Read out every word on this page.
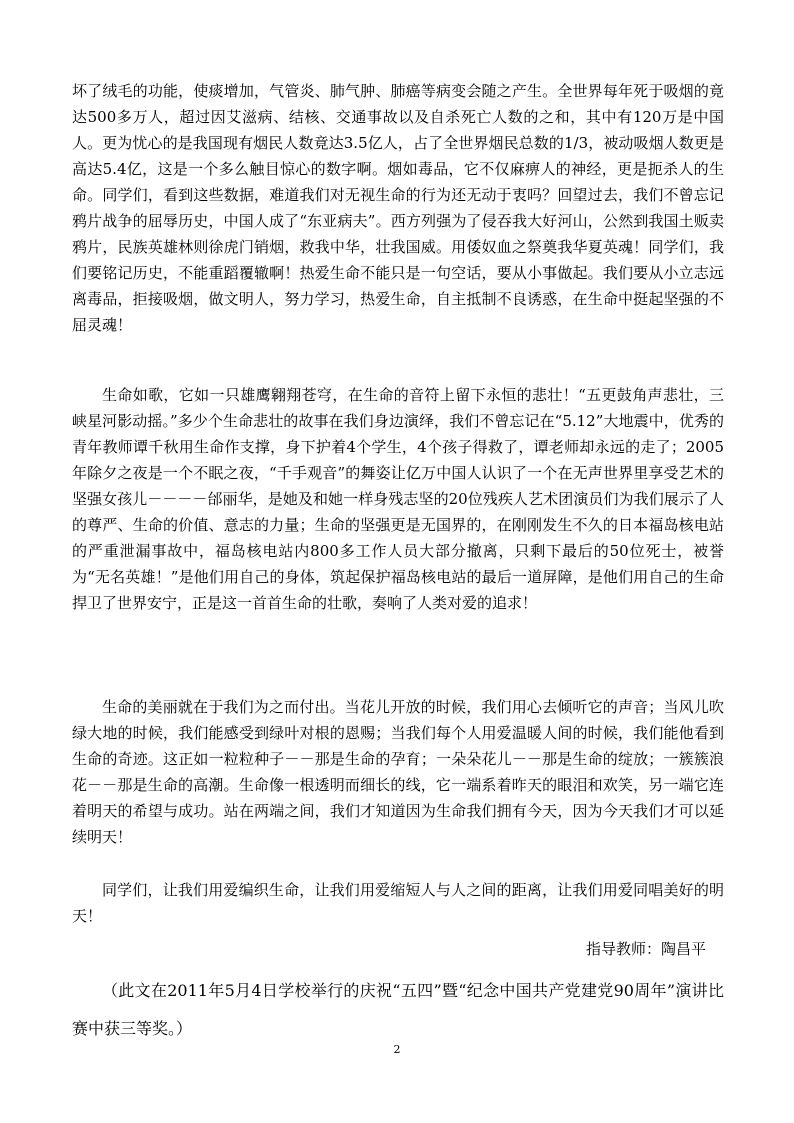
坏了绒毛的功能，使痰增加，气管炎、肺气肿、肺癌等病变会随之产生。全世界每年死于吸烟的竟达500多万人，超过因艾滋病、结核、交通事故以及自杀死亡人数的之和，其中有120万是中国人。更为忧心的是我国现有烟民人数竟达3.5亿人，占了全世界烟民总数的1/3，被动吸烟人数更是高达5.4亿，这是一个多么触目惊心的数字啊。烟如毒品，它不仅麻痹人的神经，更是扼杀人的生命。同学们，看到这些数据，难道我们对无视生命的行为还无动于衷吗？回望过去，我们不曾忘记鸦片战争的屈辱历史，中国人成了“东亚病夫”。西方列强为了侵吞我大好河山，公然到我国土贩卖鸦片，民族英雄林则徐虎门销烟，救我中华，壮我国威。用倭奴血之祭奠我华夏英魂！同学们，我们要铭记历史，不能重蹈覆辙啊！热爱生命不能只是一句空话，要从小事做起。我们要从小立志远离毒品，拒接吸烟，做文明人，努力学习，热爱生命，自主抵制不良诱惑，在生命中挺起坚强的不屈灵魂！

生命如歌，它如一只雄鹰翱翔苍穹，在生命的音符上留下永恒的悲壮！“五更鼓角声悲壮，三峡星河影动摇。”多少个生命悲壮的故事在我们身边演绎，我们不曾忘记在“5.12”大地震中，优秀的青年教师谭千秋用生命作支撑，身下护着4个学生，4个孩子得救了，谭老师却永远的走了；2005年除夕之夜是一个不眠之夜，“千手观音”的舞姿让亿万中国人认识了一个在无声世界里享受艺术的坚强女孩儿－－－－邰丽华，是她及和她一样身残志坚的20位残疾人艺术团演员们为我们展示了人的尊严、生命的价值、意志的力量；生命的坚强更是无国界的，在刚刚发生不久的日本福岛核电站的严重泄漏事故中，福岛核电站内800多工作人员大部分撤离，只剩下最后的50位死士，被誉为“无名英雄！”是他们用自己的身体，筑起保护福岛核电站的最后一道屏障，是他们用自己的生命捍卫了世界安宁，正是这一首首生命的壮歌，奏响了人类对爱的追求！

生命的美丽就在于我们为之而付出。当花儿开放的时候，我们用心去倾听它的声音；当风儿吹绿大地的时候，我们能感受到绿叶对根的恩赐；当我们每个人用爱温暖人间的时候，我们能他看到生命的奇迹。这正如一粒粒种子－－那是生命的孕育；一朵朵花儿－－那是生命的绽放；一簇簇浪花－－那是生命的高潮。生命像一根透明而细长的线，它一端系着昨天的眼泪和欢笑，另一端它连着明天的希望与成功。站在两端之间，我们才知道因为生命我们拥有今天，因为今天我们才可以延续明天！

同学们，让我们用爱编织生命，让我们用爱缩短人与人之间的距离，让我们用爱同唱美好的明天！

指导教师：陶昌平

（此文在2011年5月4日学校举行的庆祝“五四”暨“纪念中国共产党建党90周年”演讲比赛中获三等奖。）

2
